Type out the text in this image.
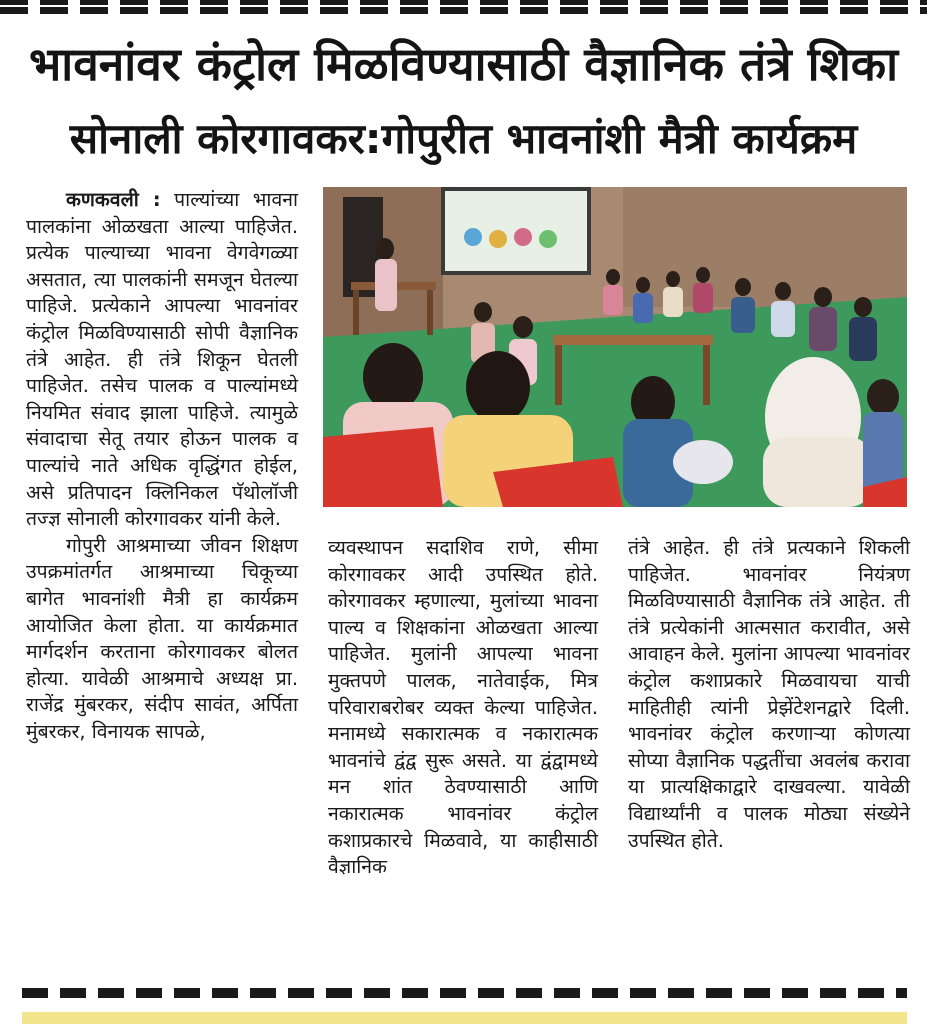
भावनांवर कंट्रोल मिळविण्यासाठी वैज्ञानिक तंत्रे शिका
सोनाली कोरगावकर:गोपुरीत भावनांशी मैत्री कार्यक्रम

कणकवली : पाल्यांच्या भावना पालकांना ओळखता आल्या पाहिजेत. प्रत्येक पाल्याच्या भावना वेगवेगळ्या असतात, त्या पालकांनी समजून घेतल्या पाहिजे. प्रत्येकाने आपल्या भावनांवर कंट्रोल मिळविण्यासाठी सोपी वैज्ञानिक तंत्रे आहेत. ही तंत्रे शिकून घेतली पाहिजेत. तसेच पालक व पाल्यांमध्ये नियमित संवाद झाला पाहिजे. त्यामुळे संवादाचा सेतू तयार होऊन पालक व पाल्यांचे नाते अधिक वृद्धिंगत होईल, असे प्रतिपादन क्लिनिकल पॅथोलॉजी तज्ज्ञ सोनाली कोरगावकर यांनी केले.

गोपुरी आश्रमाच्या जीवन शिक्षण उपक्रमांतर्गत आश्रमाच्या चिकूच्या बागेत भावनांशी मैत्री हा कार्यक्रम आयोजित केला होता. या कार्यक्रमात मार्गदर्शन करताना कोरगावकर बोलत होत्या. यावेळी आश्रमाचे अध्यक्ष प्रा. राजेंद्र मुंबरकर, संदीप सावंत, अर्पिता मुंबरकर, विनायक सापळे,

व्यवस्थापन सदाशिव राणे, सीमा कोरगावकर आदी उपस्थित होते. कोरगावकर म्हणाल्या, मुलांच्या भावना पाल्य व शिक्षकांना ओळखता आल्या पाहिजेत. मुलांनी आपल्या भावना मुक्तपणे पालक, नातेवाईक, मित्र परिवाराबरोबर व्यक्त केल्या पाहिजेत. मनामध्ये सकारात्मक व नकारात्मक भावनांचे द्वंद्व सुरू असते. या द्वंद्वामध्ये मन शांत ठेवण्यासाठी आणि नकारात्मक भावनांवर कंट्रोल कशाप्रकारचे मिळवावे, या काहीसाठी वैज्ञानिक

तंत्रे आहेत. ही तंत्रे प्रत्यकाने शिकली पाहिजेत. भावनांवर नियंत्रण मिळविण्यासाठी वैज्ञानिक तंत्रे आहेत. ती तंत्रे प्रत्येकांनी आत्मसात करावीत, असे आवाहन केले. मुलांना आपल्या भावनांवर कंट्रोल कशाप्रकारे मिळवायचा याची माहितीही त्यांनी प्रेझेंटेशनद्वारे दिली. भावनांवर कंट्रोल करणाऱ्या कोणत्या सोप्या वैज्ञानिक पद्धतींचा अवलंब करावा या प्रात्यक्षिकाद्वारे दाखवल्या. यावेळी विद्यार्थ्यांनी व पालक मोठ्या संख्येने उपस्थित होते.
